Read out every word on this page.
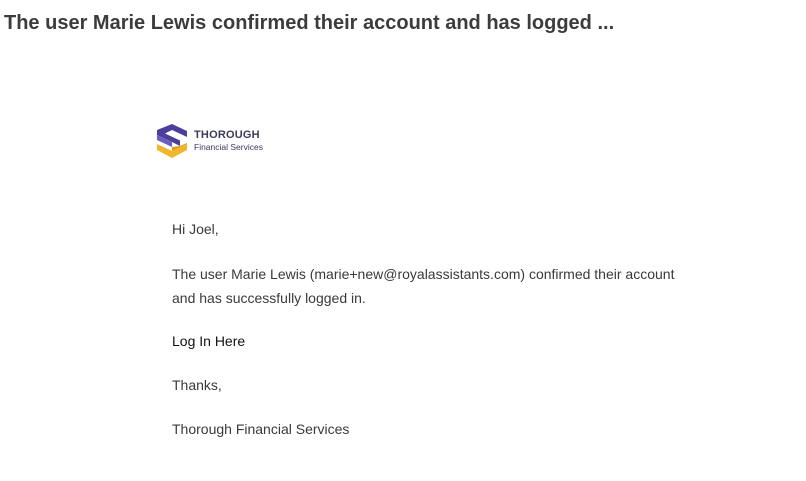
The user Marie Lewis confirmed their account and has logged ...
THOROUGH
Financial Services

Hi Joel,

The user Marie Lewis (marie+new@royalassistants.com) confirmed their account and has successfully logged in.

Log In Here

Thanks,

Thorough Financial Services
